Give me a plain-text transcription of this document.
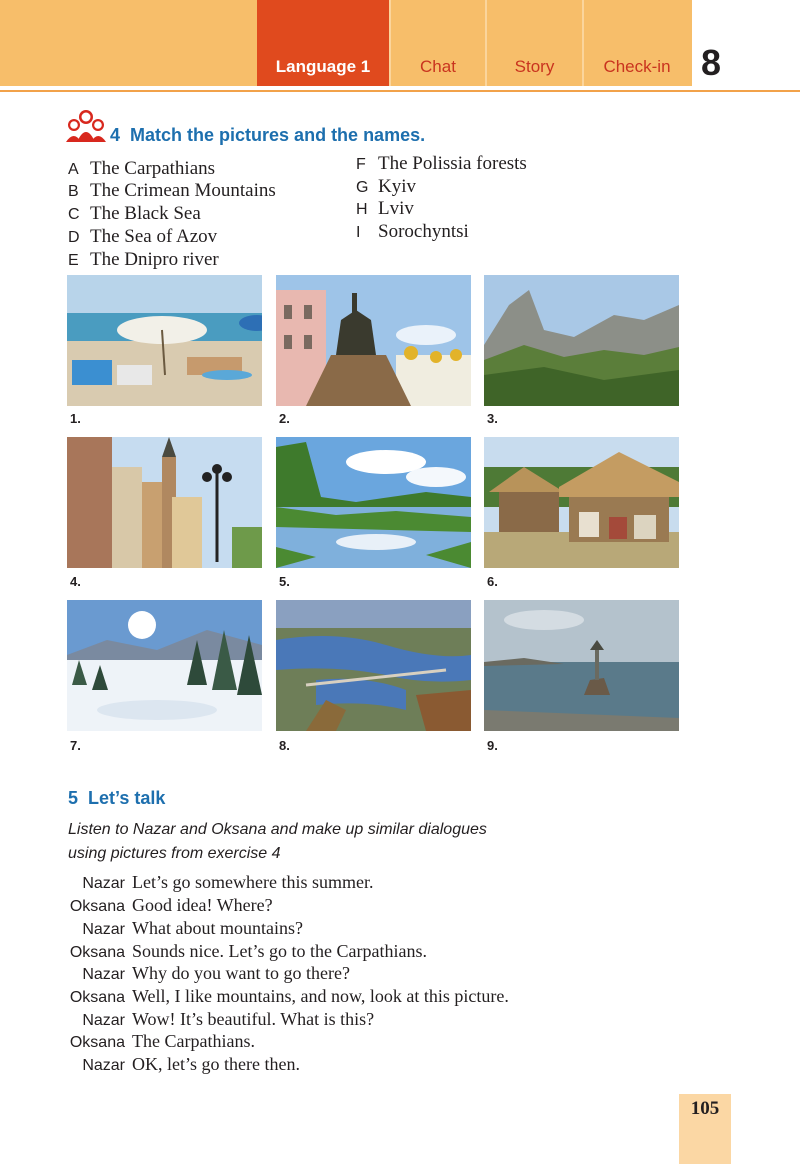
Language 1	Chat	Story	Check-in 8
4 Match the pictures and the names.
A The Carpathians
B The Crimean Mountains
C The Black Sea
D The Sea of Azov
E The Dnipro river
F The Polissia forests
G Kyiv
H Lviv
I Sorochyntsi
1.	2.	3.
4.	5.	6.
7.	8.	9.
5 Let’s talk
Listen to Nazar and Oksana and make up similar dialogues
using pictures from exercise 4
Nazar Let’s go somewhere this summer.
Oksana Good idea! Where?
Nazar What about mountains?
Oksana Sounds nice. Let’s go to the Carpathians.
Nazar Why do you want to go there?
Oksana Well, I like mountains, and now, look at this picture.
Nazar Wow! It’s beautiful. What is this?
Oksana The Carpathians.
Nazar OK, let’s go there then.
105
